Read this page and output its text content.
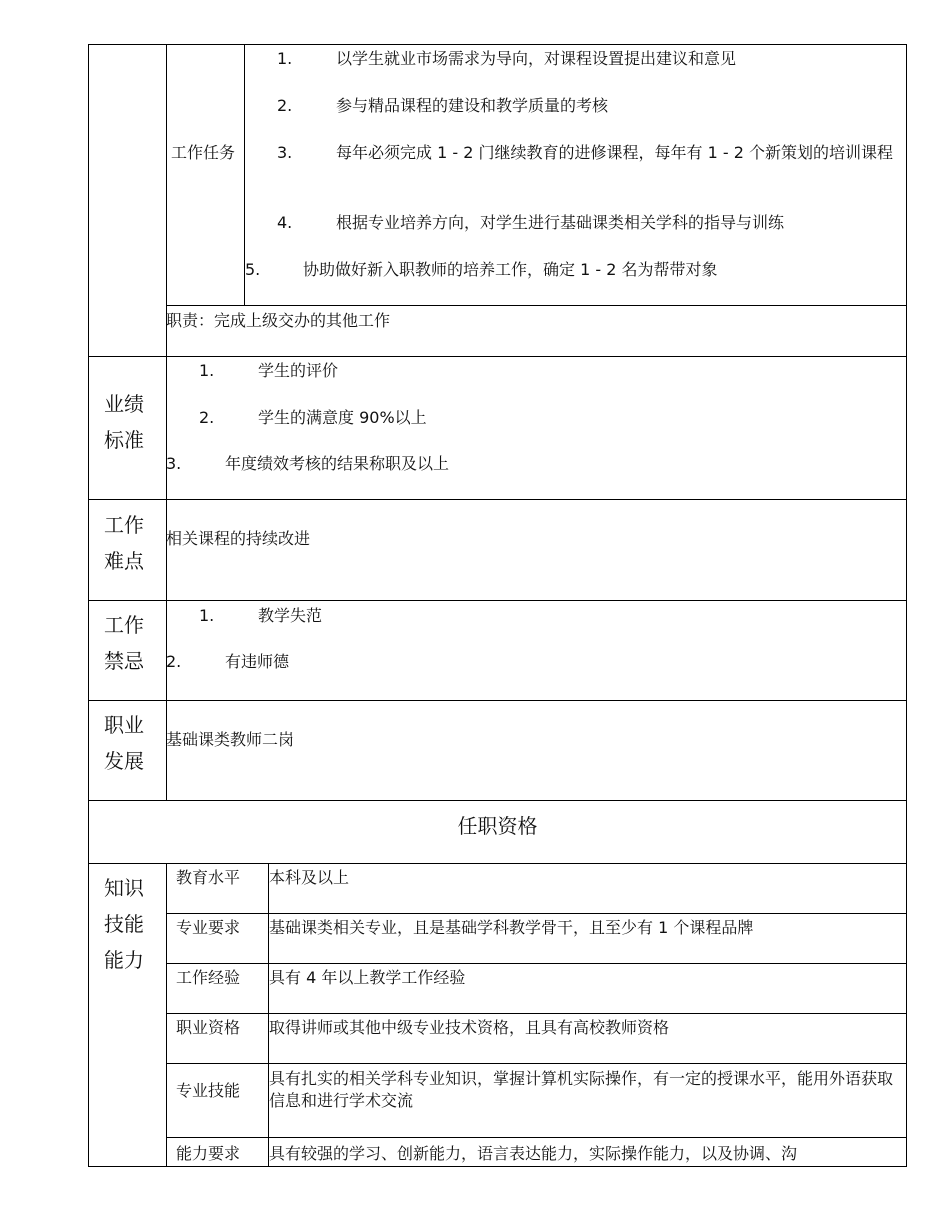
工作任务
1.	以学生就业市场需求为导向，对课程设置提出建议和意见
2.	参与精品课程的建设和教学质量的考核
3.	每年必须完成 1 - 2 门继续教育的进修课程，每年有 1 - 2 个新策划的培训课程
4.	根据专业培养方向，对学生进行基础课类相关学科的指导与训练
5.	协助做好新入职教师的培养工作，确定 1 - 2 名为帮带对象
职责：完成上级交办的其他工作
业绩标准
1.	学生的评价
2.	学生的满意度 90%以上
3.	年度绩效考核的结果称职及以上
工作难点
相关课程的持续改进
工作禁忌
1.	教学失范
2.	有违师德
职业发展
基础课类教师二岗
任职资格
知识技能能力
教育水平 本科及以上
专业要求 基础课类相关专业，且是基础学科教学骨干，且至少有 1 个课程品牌
工作经验 具有 4 年以上教学工作经验
职业资格 取得讲师或其他中级专业技术资格，且具有高校教师资格
专业技能
具有扎实的相关学科专业知识，掌握计算机实际操作，有一定的授课水平，能用外语获取信息和进行学术交流
能力要求 具有较强的学习、创新能力，语言表达能力，实际操作能力，以及协调、沟
